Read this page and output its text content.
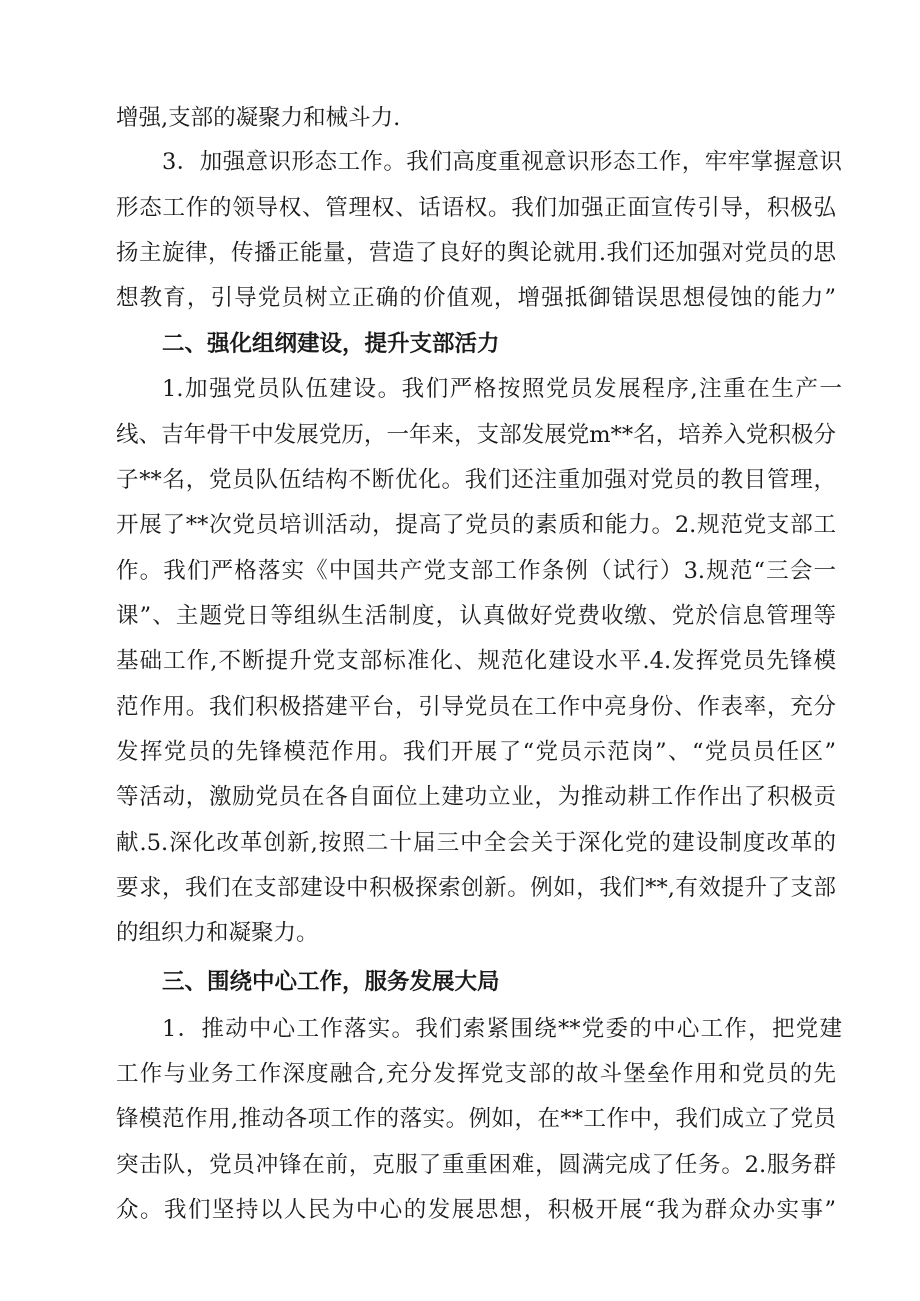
增强,支部的凝聚力和械斗力.
3．加强意识形态工作。我们高度重视意识形态工作，牢牢掌握意识
形态工作的领导权、管理权、话语权。我们加强正面宣传引导，积极弘
扬主旋律，传播正能量，营造了良好的舆论就用.我们还加强对党员的思
想教育，引导党员树立正确的价值观，增强抵御错误思想侵蚀的能力”
二、强化组纲建设，提升支部活力
1.加强党员队伍建设。我们严格按照党员发展程序,注重在生产一
线、吉年骨干中发展党历，一年来，支部发展党m**名，培养入党积极分
子**名，党员队伍结构不断优化。我们还注重加强对党员的教目管理，
开展了**次党员培训活动，提高了党员的素质和能力。2.规范党支部工
作。我们严格落实《中国共产党支部工作条例（试行）3.规范“三会一
课”、主题党日等组纵生活制度，认真做好党费收缴、党於信息管理等
基础工作,不断提升党支部标准化、规范化建设水平.4.发挥党员先锋模
范作用。我们积极搭建平台，引导党员在工作中亮身份、作表率，充分
发挥党员的先锋模范作用。我们开展了“党员示范岗”、“党员员任区”
等活动，激励党员在各自面位上建功立业，为推动耕工作作出了积极贡
献.5.深化改革创新,按照二十届三中全会关于深化党的建设制度改革的
要求，我们在支部建设中积极探索创新。例如，我们**,有效提升了支部
的组织力和凝聚力。
三、围绕中心工作，服务发展大局
1．推动中心工作落实。我们索紧围绕**党委的中心工作，把党建
工作与业务工作深度融合,充分发挥党支部的故斗堡垒作用和党员的先
锋模范作用,推动各项工作的落实。例如，在**工作中，我们成立了党员
突击队，党员冲锋在前，克服了重重困难，圆满完成了任务。2.服务群
众。我们坚持以人民为中心的发展思想，积极开展“我为群众办实事”
